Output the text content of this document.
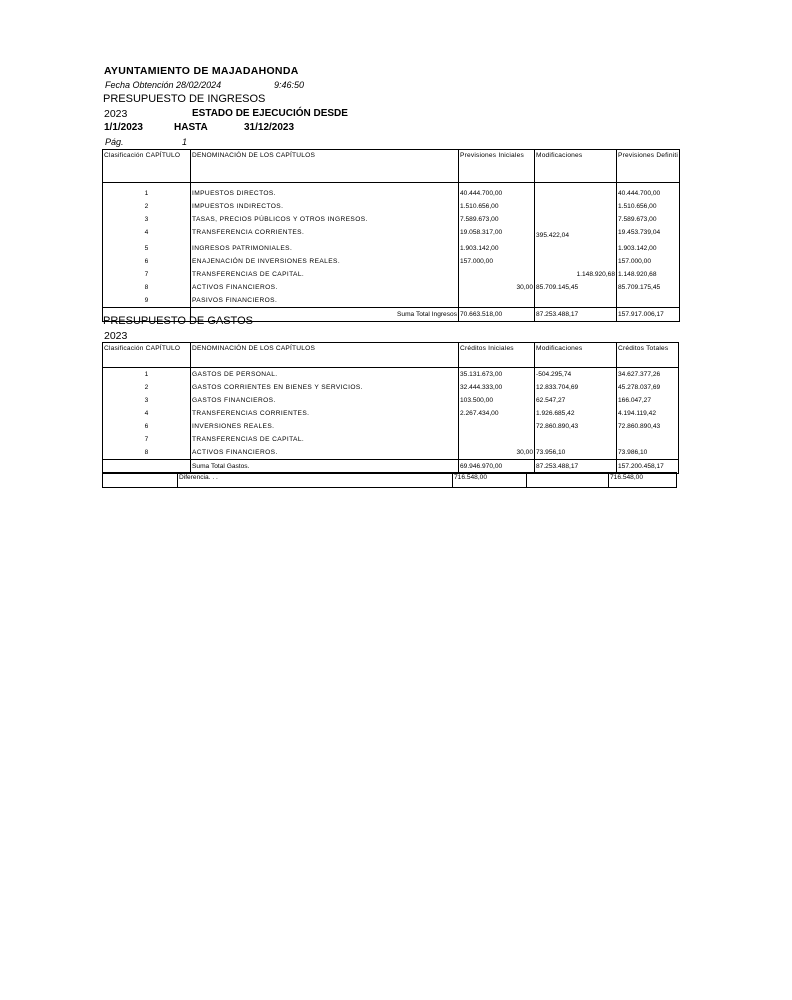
AYUNTAMIENTO DE MAJADAHONDA
Fecha Obtención 28/02/2024	9:46:50
PRESUPUESTO DE INGRESOS
2023	ESTADO DE EJECUCIÓN DESDE
1/1/2023	HASTA	31/12/2023
Pág.	1
Clasificación CAPÍTULO	DENOMINACIÓN DE LOS CAPÍTULOS	Previsiones Iniciales	Modificaciones	Previsiones Definiti

1	IMPUESTOS DIRECTOS.	40.444.700,00		40.444.700,00
2	IMPUESTOS INDIRECTOS.	1.510.656,00		1.510.656,00
3	TASAS, PRECIOS PÚBLICOS Y OTROS INGRESOS.	7.589.673,00		7.589.673,00
4	TRANSFERENCIA CORRIENTES.	19.058.317,00	395.422,04	19.453.739,04
5	INGRESOS PATRIMONIALES.	1.903.142,00		1.903.142,00
6	ENAJENACIÓN DE INVERSIONES REALES.	157.000,00		157.000,00
7	TRANSFERENCIAS DE CAPITAL.		1.148.920,68	1.148.920,68
8	ACTIVOS FINANCIEROS.	30,00	85.709.145,45	85.709.175,45
9	PASIVOS FINANCIEROS.			
	Suma Total Ingresos	70.663.518,00	87.253.488,17	157.917.006,17
PRESUPUESTO DE GASTOS
2023
Clasificación CAPÍTULO	DENOMINACIÓN DE LOS CAPÍTULOS	Créditos Iniciales	Modificaciones	Créditos Totales
1	GASTOS DE PERSONAL.	35.131.673,00	-504.295,74	34.627.377,26
2	GASTOS CORRIENTES EN BIENES Y SERVICIOS.	32.444.333,00	12.833.704,69	45.278.037,69
3	GASTOS FINANCIEROS.	103.500,00	62.547,27	166.047,27
4	TRANSFERENCIAS CORRIENTES.	2.267.434,00	1.926.685,42	4.194.119,42
6	INVERSIONES REALES.		72.860.890,43	72.860.890,43
7	TRANSFERENCIAS DE CAPITAL.			
8	ACTIVOS FINANCIEROS.	30,00	73.956,10	73.986,10
	Suma Total Gastos.	69.946.970,00	87.253.488,17	157.200.458,17
	Diferencia. . .	716.548,00		716.548,00
